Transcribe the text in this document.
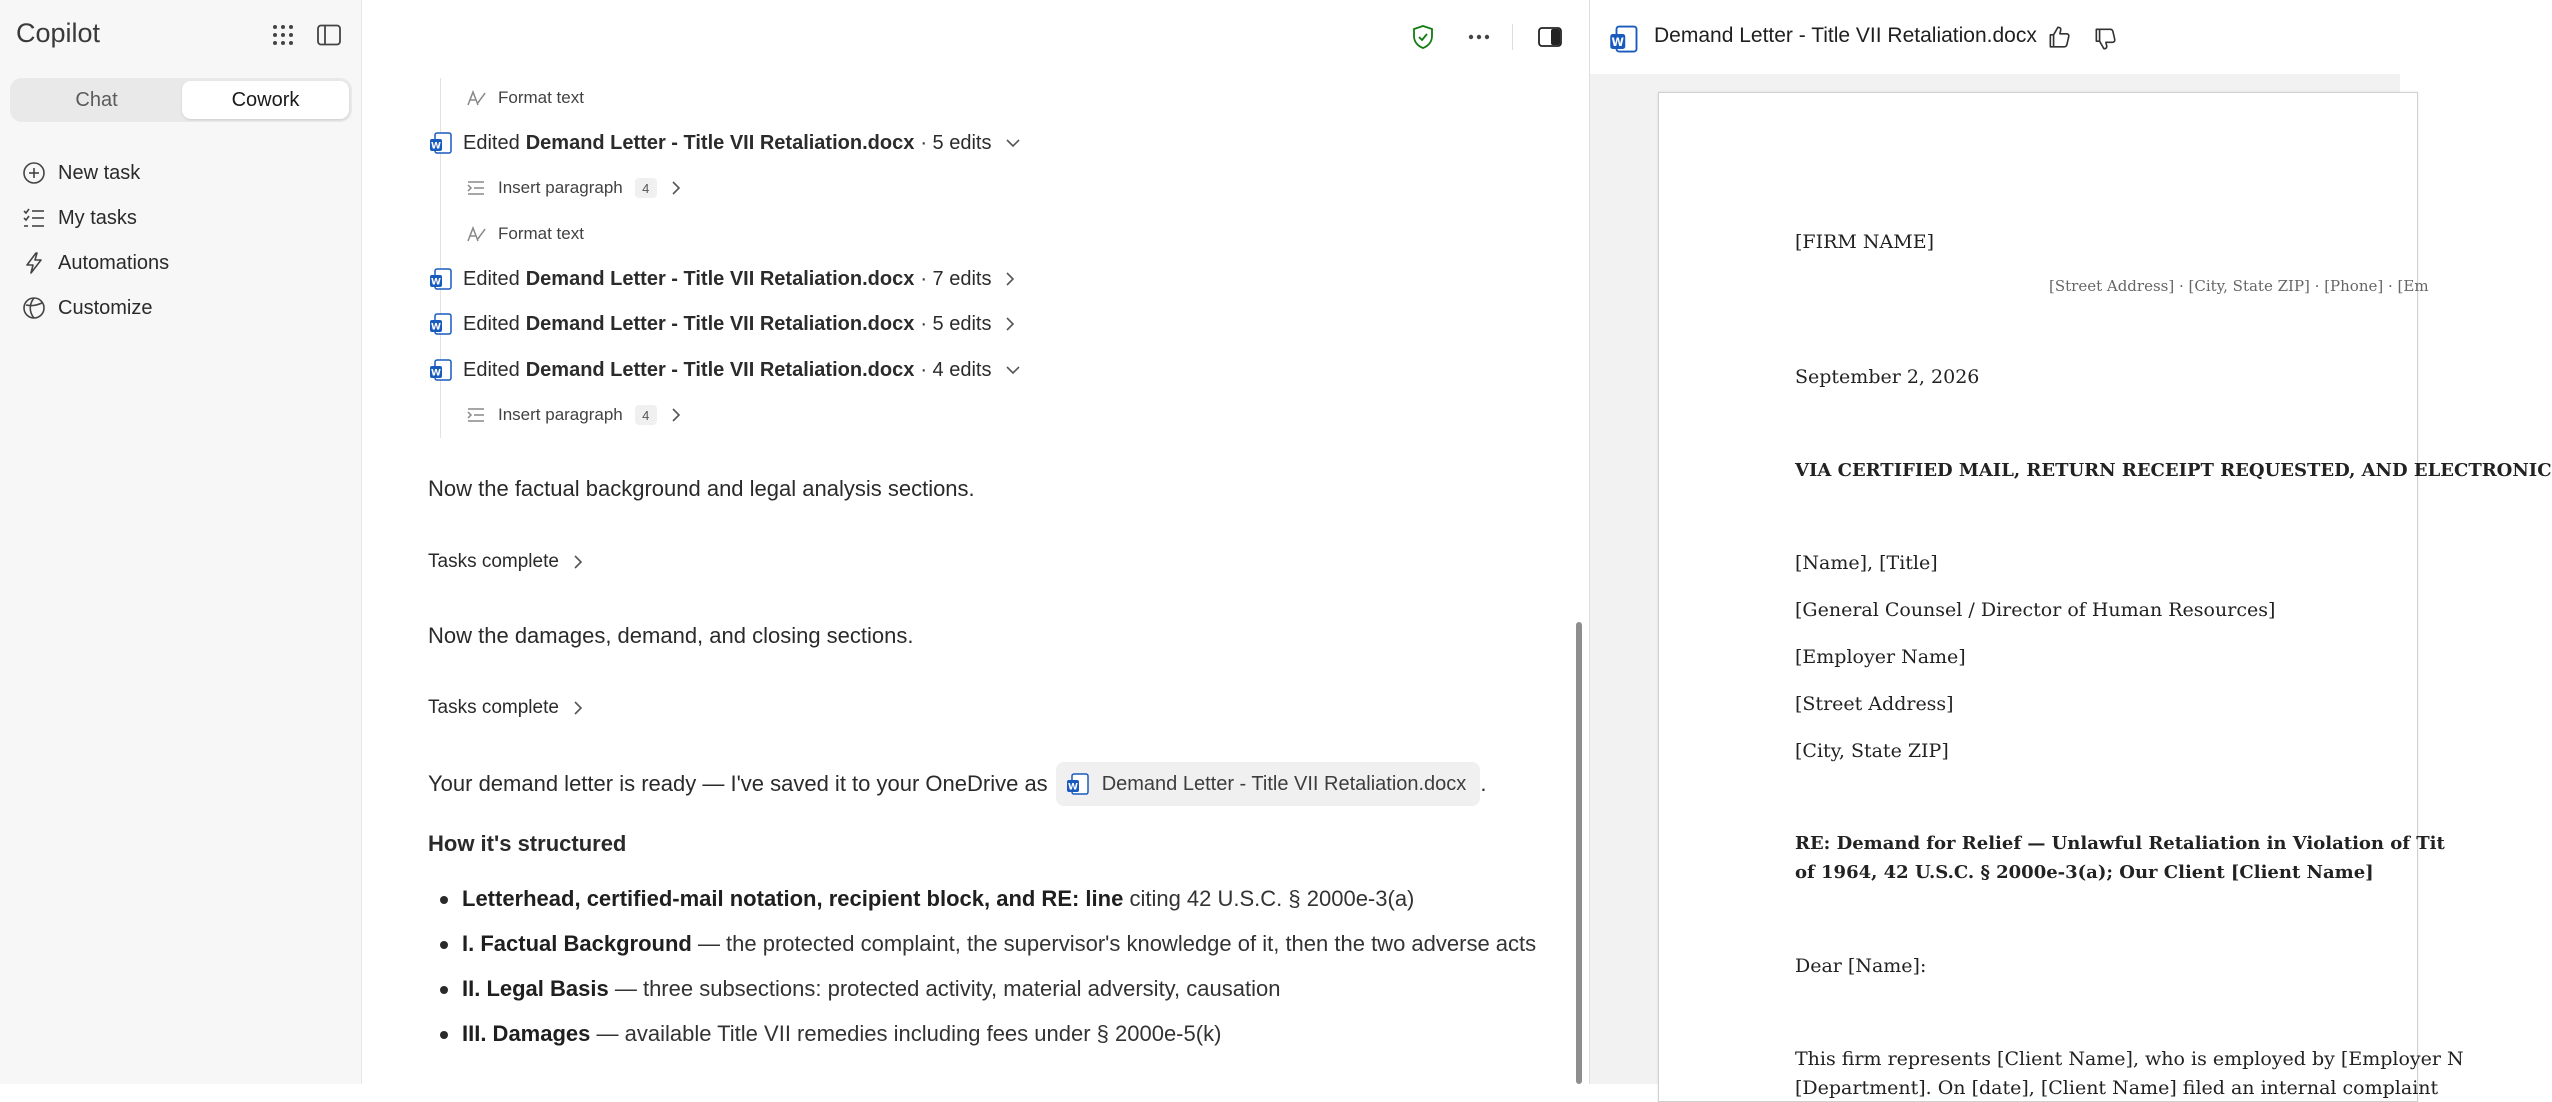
Copilot
Chat	Cowork
New task
My tasks
Automations
Customize
Format text
W Edited Demand Letter - Title VII Retaliation.docx · 5 edits
Insert paragraph	4
Format text
W Edited Demand Letter - Title VII Retaliation.docx · 7 edits
W Edited Demand Letter - Title VII Retaliation.docx · 5 edits
W Edited Demand Letter - Title VII Retaliation.docx · 4 edits
Insert paragraph	4
Now the factual background and legal analysis sections.
Tasks complete
Now the damages, demand, and closing sections.
Tasks complete
Your demand letter is ready — I've saved it to your OneDrive as W Demand Letter - Title VII Retaliation.docx .
How it's structured
Letterhead, certified-mail notation, recipient block, and RE: line citing 42 U.S.C. § 2000e-3(a)
I. Factual Background — the protected complaint, the supervisor's knowledge of it, then the two adverse acts
II. Legal Basis — three subsections: protected activity, material adversity, causation
III. Damages — available Title VII remedies including fees under § 2000e-5(k)
W Demand Letter - Title VII Retaliation.docx
[FIRM NAME]
[Street Address] · [City, State ZIP] · [Phone] · [Em
September 2, 2026
VIA CERTIFIED MAIL, RETURN RECEIPT REQUESTED, AND ELECTRONIC
[Name], [Title]
[General Counsel / Director of Human Resources]
[Employer Name]
[Street Address]
[City, State ZIP]
RE: Demand for Relief — Unlawful Retaliation in Violation of Tit
of 1964, 42 U.S.C. § 2000e-3(a); Our Client [Client Name]
Dear [Name]:
This firm represents [Client Name], who is employed by [Employer N
[Department]. On [date], [Client Name] filed an internal complaint
